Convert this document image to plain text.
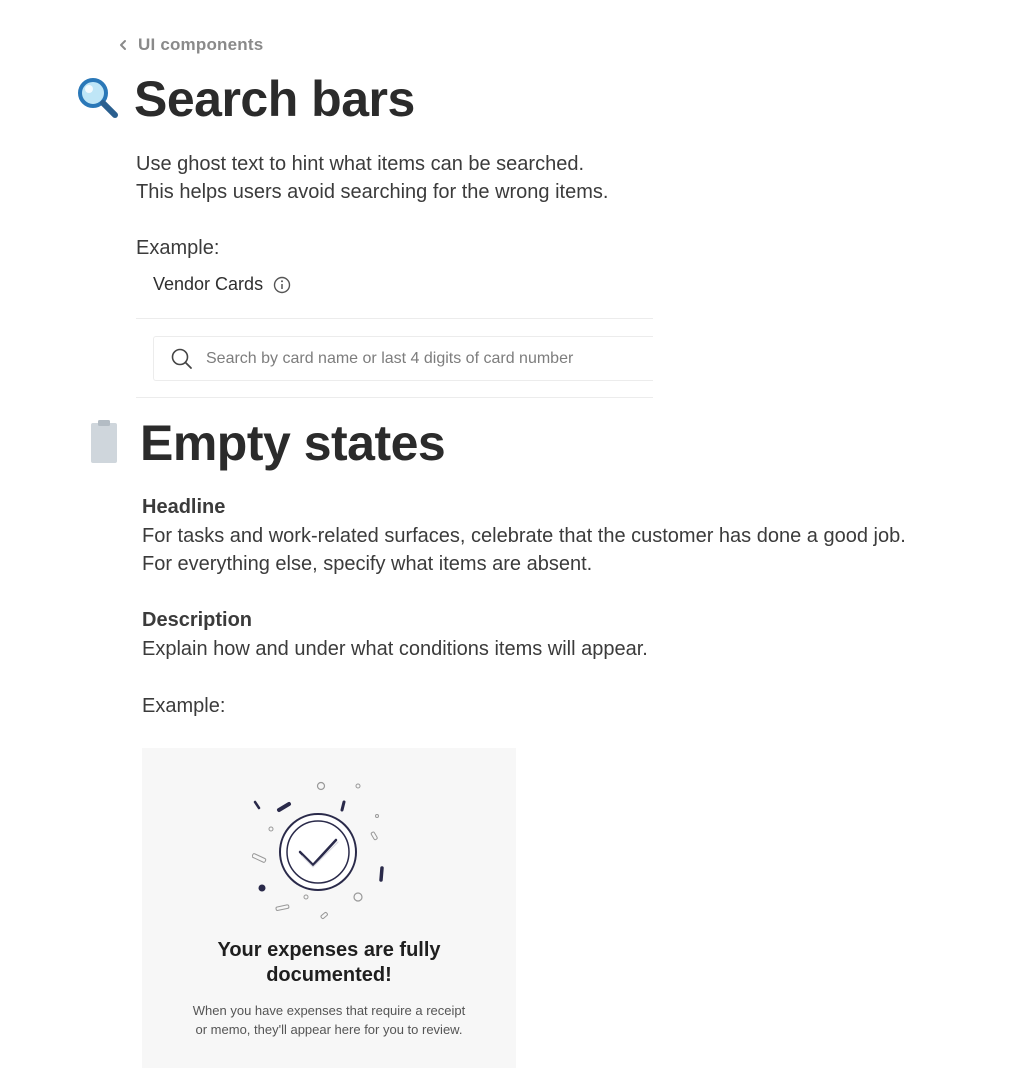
UI components
Search bars
Use ghost text to hint what items can be searched.
This helps users avoid searching for the wrong items.
Example:
Vendor Cards
Search by card name or last 4 digits of card number
Empty states
Headline
For tasks and work-related surfaces, celebrate that the customer has done a good job.
For everything else, specify what items are absent.
Description
Explain how and under what conditions items will appear.
Example:
Your expenses are fully
documented!
When you have expenses that require a receipt
or memo, they'll appear here for you to review.
